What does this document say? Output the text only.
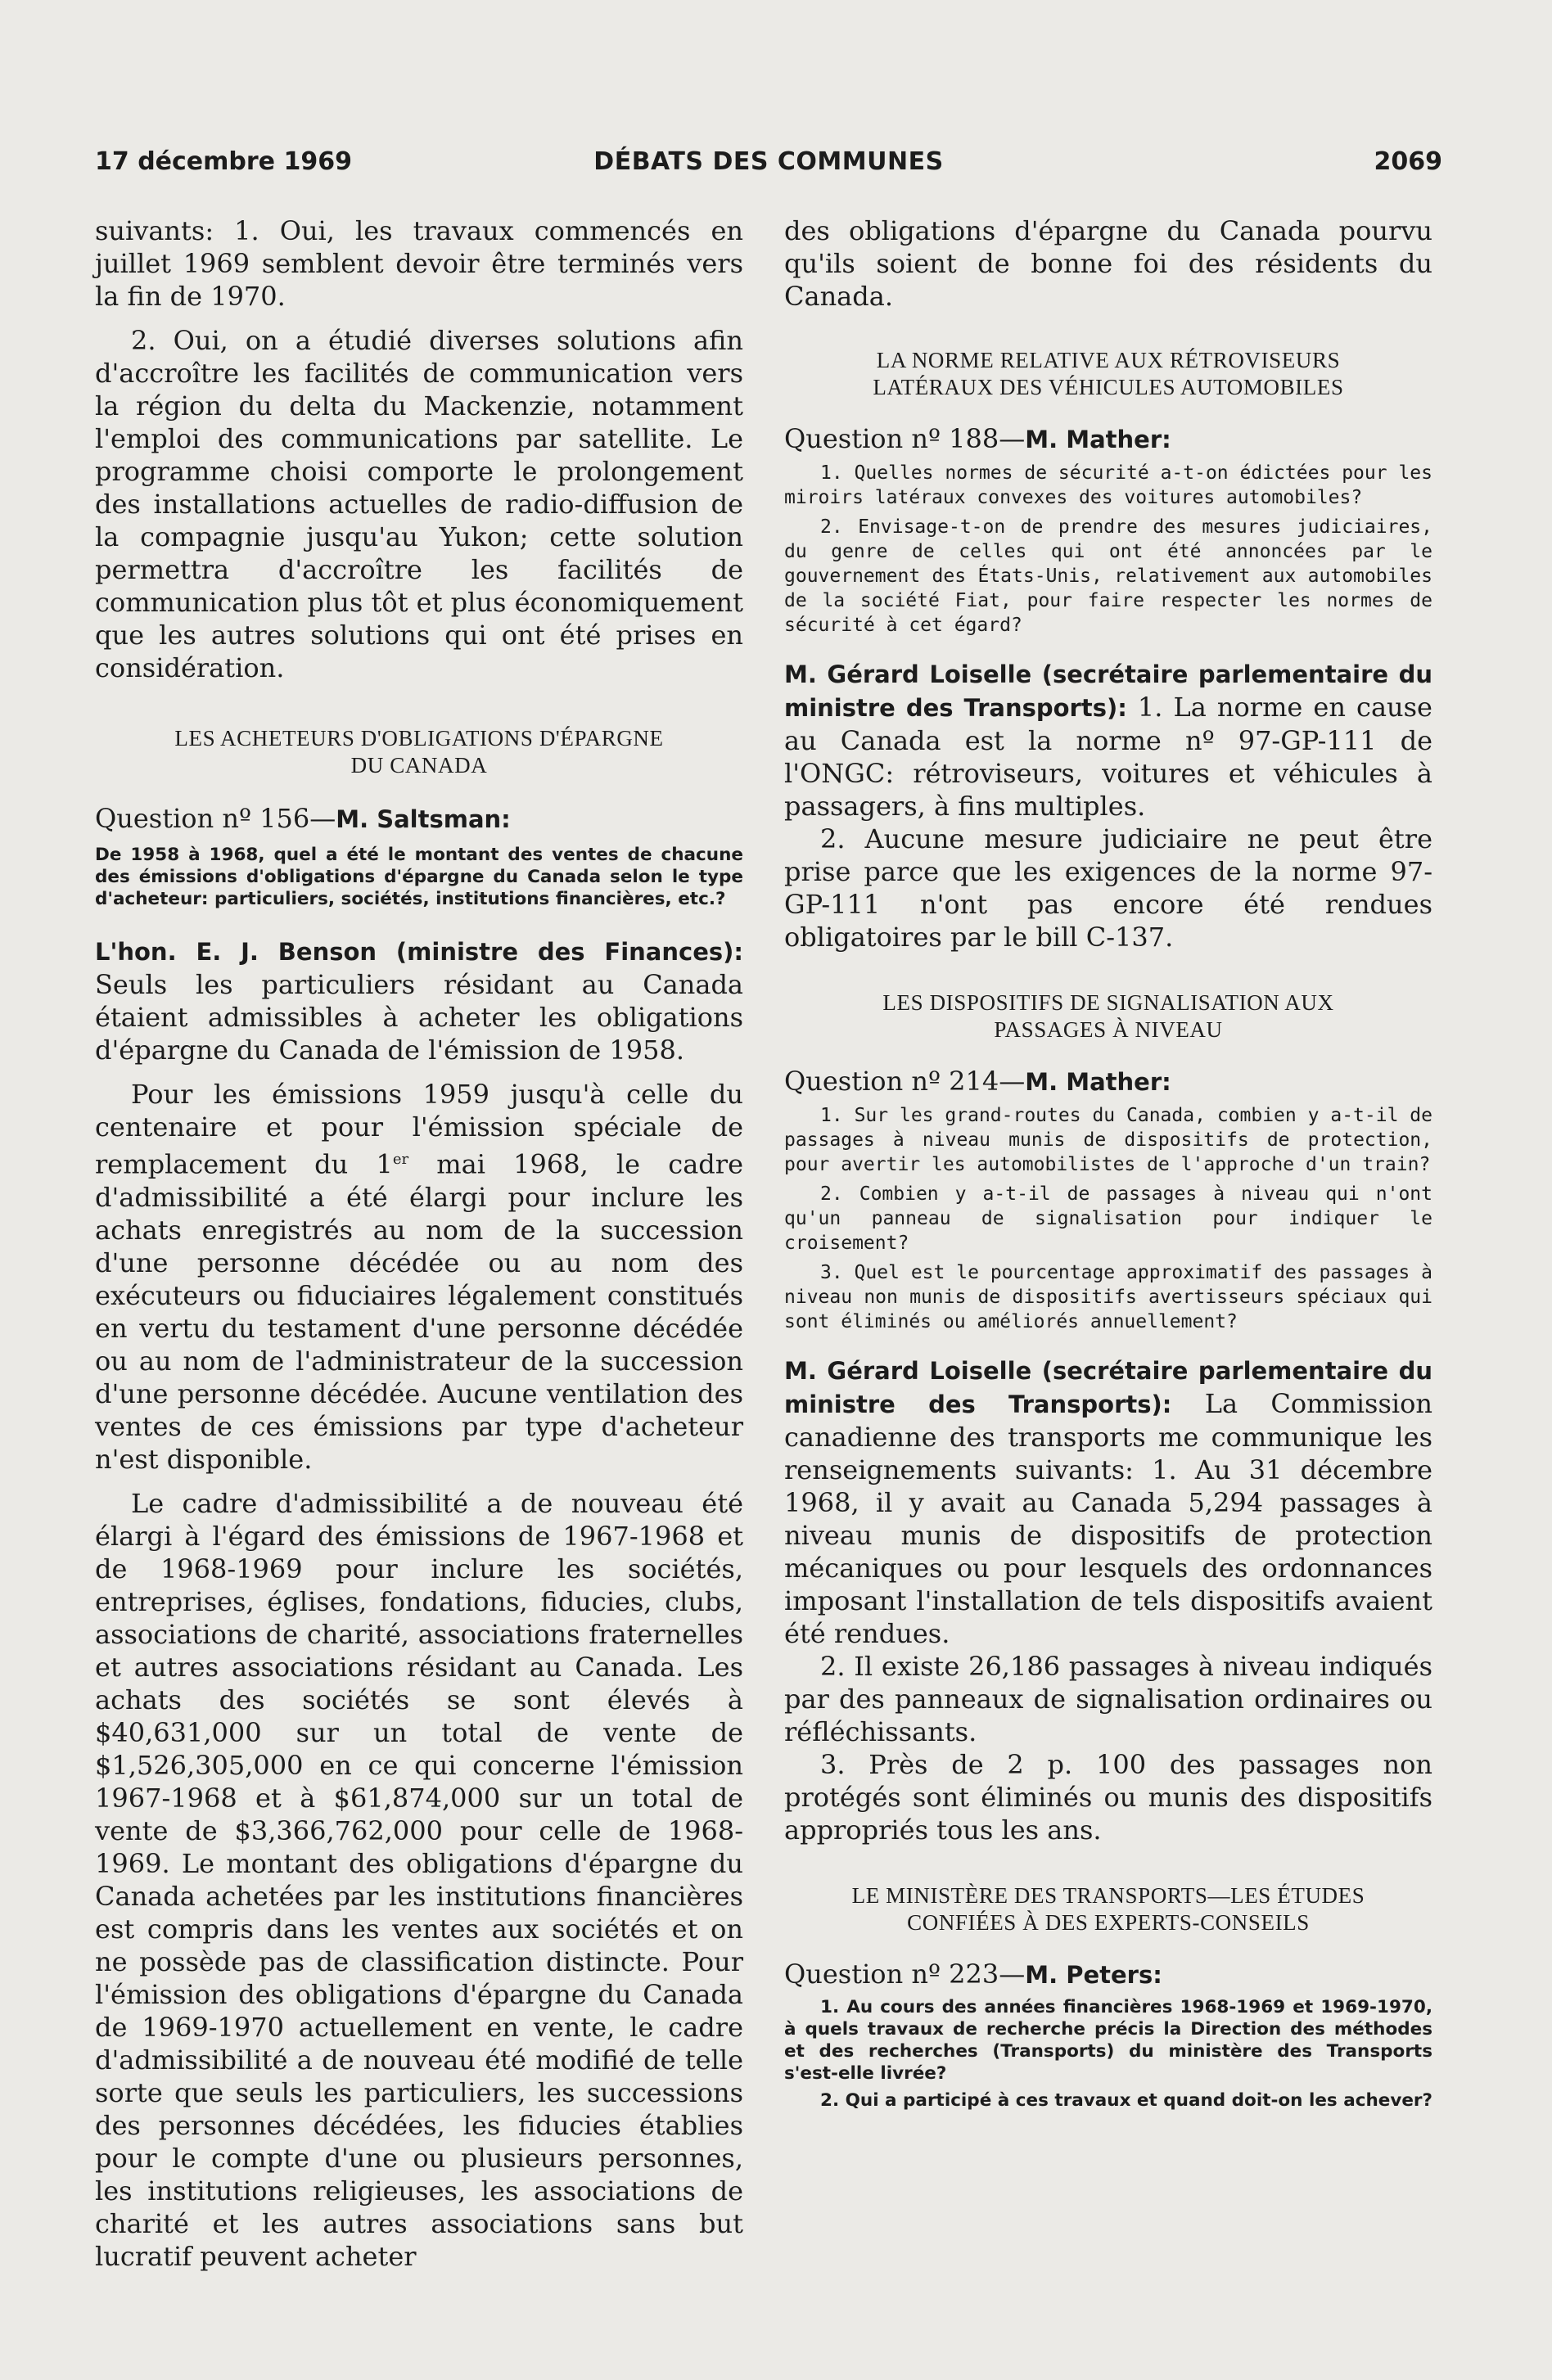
17 décembre 1969	DÉBATS DES COMMUNES	2069

suivants: 1. Oui, les travaux commencés en juillet 1969 semblent devoir être terminés vers la fin de 1970.

2. Oui, on a étudié diverses solutions afin d'accroître les facilités de communication vers la région du delta du Mackenzie, notamment l'emploi des communications par satellite. Le programme choisi comporte le prolongement des installations actuelles de radio-diffusion de la compagnie jusqu'au Yukon; cette solution permettra d'accroître les facilités de communication plus tôt et plus économiquement que les autres solutions qui ont été prises en considération.

LES ACHETEURS D'OBLIGATIONS D'ÉPARGNE
DU CANADA

Question nº 156—M. Saltsman:

De 1958 à 1968, quel a été le montant des ventes de chacune des émissions d'obligations d'épargne du Canada selon le type d'acheteur: particuliers, sociétés, institutions financières, etc.?

L'hon. E. J. Benson (ministre des Finances): Seuls les particuliers résidant au Canada étaient admissibles à acheter les obligations d'épargne du Canada de l'émission de 1958.

Pour les émissions 1959 jusqu'à celle du centenaire et pour l'émission spéciale de remplacement du 1er mai 1968, le cadre d'admissibilité a été élargi pour inclure les achats enregistrés au nom de la succession d'une personne décédée ou au nom des exécuteurs ou fiduciaires légalement constitués en vertu du testament d'une personne décédée ou au nom de l'administrateur de la succession d'une personne décédée. Aucune ventilation des ventes de ces émissions par type d'acheteur n'est disponible.

Le cadre d'admissibilité a de nouveau été élargi à l'égard des émissions de 1967-1968 et de 1968-1969 pour inclure les sociétés, entreprises, églises, fondations, fiducies, clubs, associations de charité, associations fraternelles et autres associations résidant au Canada. Les achats des sociétés se sont élevés à $40,631,000 sur un total de vente de $1,526,305,000 en ce qui concerne l'émission 1967-1968 et à $61,874,000 sur un total de vente de $3,366,762,000 pour celle de 1968-1969. Le montant des obligations d'épargne du Canada achetées par les institutions financières est compris dans les ventes aux sociétés et on ne possède pas de classification distincte. Pour l'émission des obligations d'épargne du Canada de 1969-1970 actuellement en vente, le cadre d'admissibilité a de nouveau été modifié de telle sorte que seuls les particuliers, les successions des personnes décédées, les fiducies établies pour le compte d'une ou plusieurs personnes, les institutions religieuses, les associations de charité et les autres associations sans but lucratif peuvent acheter

des obligations d'épargne du Canada pourvu qu'ils soient de bonne foi des résidents du Canada.

LA NORME RELATIVE AUX RÉTROVISEURS
LATÉRAUX DES VÉHICULES AUTOMOBILES

Question nº 188—M. Mather:

1. Quelles normes de sécurité a-t-on édictées pour les miroirs latéraux convexes des voitures automobiles?

2. Envisage-t-on de prendre des mesures judiciaires, du genre de celles qui ont été annoncées par le gouvernement des États-Unis, relativement aux automobiles de la société Fiat, pour faire respecter les normes de sécurité à cet égard?

M. Gérard Loiselle (secrétaire parlementaire du ministre des Transports): 1. La norme en cause au Canada est la norme nº 97-GP-111 de l'ONGC: rétroviseurs, voitures et véhicules à passagers, à fins multiples.

2. Aucune mesure judiciaire ne peut être prise parce que les exigences de la norme 97-GP-111 n'ont pas encore été rendues obligatoires par le bill C-137.

LES DISPOSITIFS DE SIGNALISATION AUX
PASSAGES À NIVEAU

Question nº 214—M. Mather:

1. Sur les grand-routes du Canada, combien y a-t-il de passages à niveau munis de dispositifs de protection, pour avertir les automobilistes de l'approche d'un train?

2. Combien y a-t-il de passages à niveau qui n'ont qu'un panneau de signalisation pour indiquer le croisement?

3. Quel est le pourcentage approximatif des passages à niveau non munis de dispositifs avertisseurs spéciaux qui sont éliminés ou améliorés annuellement?

M. Gérard Loiselle (secrétaire parlementaire du ministre des Transports): La Commission canadienne des transports me communique les renseignements suivants: 1. Au 31 décembre 1968, il y avait au Canada 5,294 passages à niveau munis de dispositifs de protection mécaniques ou pour lesquels des ordonnances imposant l'installation de tels dispositifs avaient été rendues.

2. Il existe 26,186 passages à niveau indiqués par des panneaux de signalisation ordinaires ou réfléchissants.

3. Près de 2 p. 100 des passages non protégés sont éliminés ou munis des dispositifs appropriés tous les ans.

LE MINISTÈRE DES TRANSPORTS—LES ÉTUDES
CONFIÉES À DES EXPERTS-CONSEILS

Question nº 223—M. Peters:

1. Au cours des années financières 1968-1969 et 1969-1970, à quels travaux de recherche précis la Direction des méthodes et des recherches (Transports) du ministère des Transports s'est-elle livrée?

2. Qui a participé à ces travaux et quand doit-on les achever?
